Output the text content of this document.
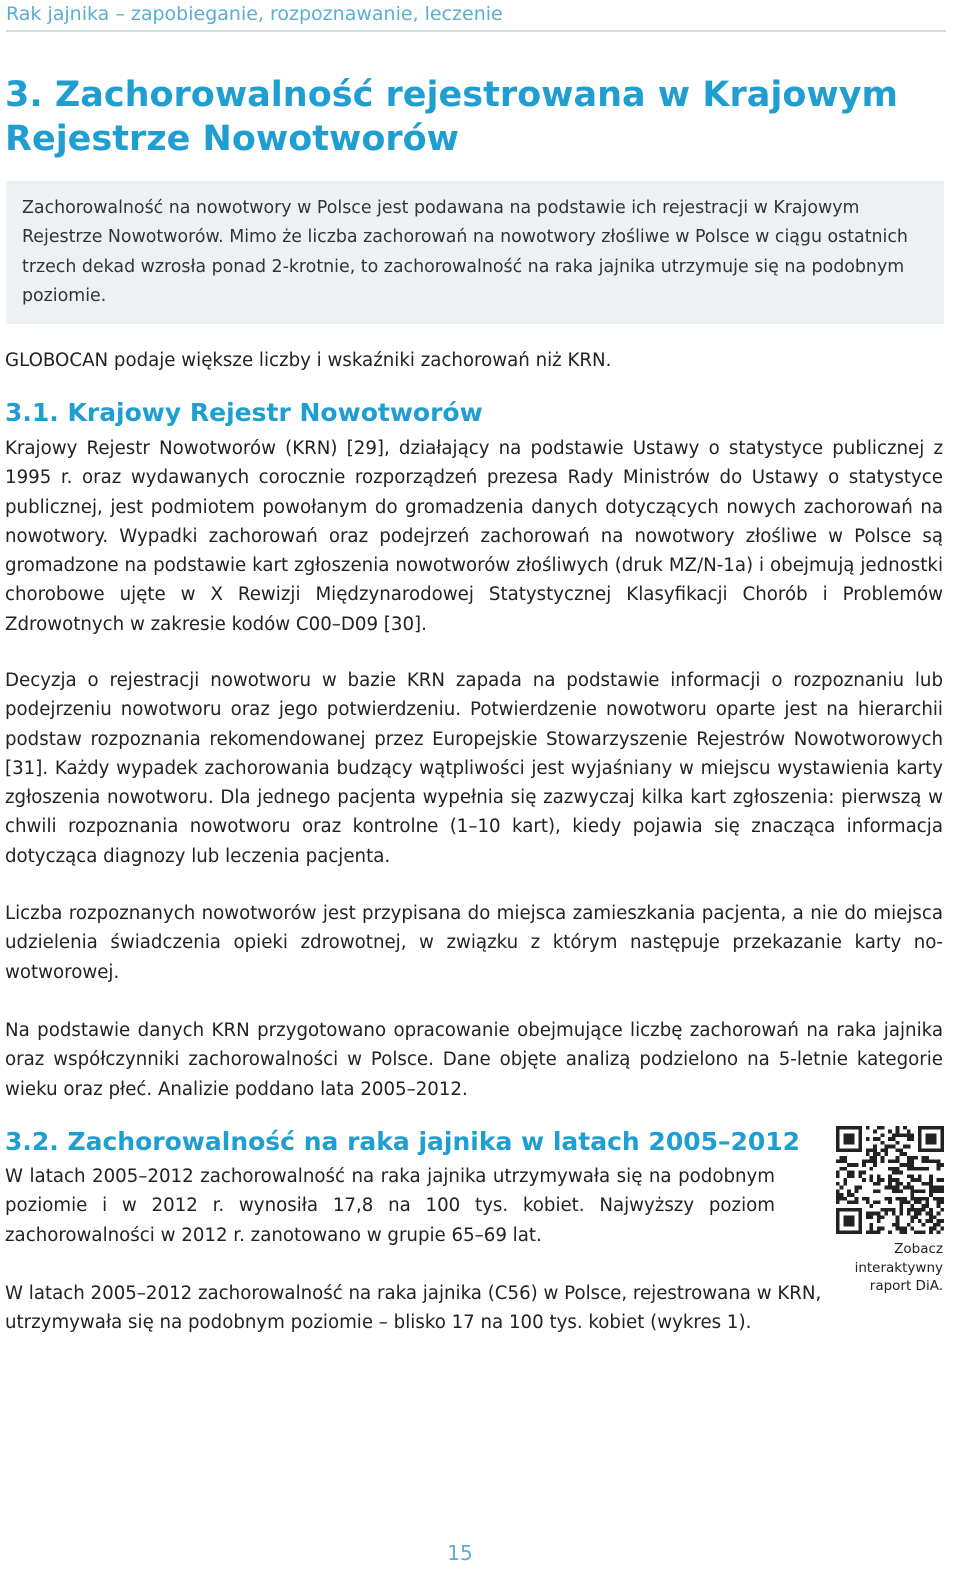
Rak jajnika – zapobieganie, rozpoznawanie, leczenie
3. Zachorowalność rejestrowana w Krajowym Rejestrze Nowotworów
Zachorowalność na nowotwory w Polsce jest podawana na podstawie ich rejestracji w Krajowym Rejestrze Nowotworów. Mimo że liczba zachorowań na nowotwory złośliwe w Polsce w ciągu ostatnich trzech dekad wzrosła ponad 2-krotnie, to zachorowalność na raka jajnika utrzymuje się na podobnym poziomie.

GLOBOCAN podaje większe liczby i wskaźniki zachorowań niż KRN.

3.1. Krajowy Rejestr Nowotworów

Krajowy Rejestr Nowotworów (KRN) [29], działający na podstawie Ustawy o statystyce publicznej z 1995 r. oraz wydawanych corocznie rozporządzeń prezesa Rady Ministrów do Ustawy o statystyce publicznej, jest podmiotem powołanym do gromadzenia danych dotyczących nowych zachorowań na nowotwory. Wypadki zachorowań oraz podejrzeń zachorowań na nowotwory złośliwe w Polsce są gromadzone na podstawie kart zgłoszenia nowotworów złośliwych (druk MZ/N-1a) i obejmują jednostki chorobowe ujęte w X Rewizji Międzynarodowej Statystycznej Klasyfikacji Chorób i Problemów Zdrowotnych w zakresie kodów C00–D09 [30].

Decyzja o rejestracji nowotworu w bazie KRN zapada na podstawie informacji o rozpoznaniu lub podejrzeniu nowotworu oraz jego potwierdzeniu. Potwierdzenie nowotworu oparte jest na hierarchii podstaw rozpoznania rekomendowanej przez Europejskie Stowarzyszenie Rejestrów Nowotworowych [31]. Każdy wypadek zachorowania budzący wątpliwości jest wyjaśniany w miejscu wystawienia karty zgłoszenia nowotworu. Dla jednego pacjenta wypełnia się zazwyczaj kilka kart zgłoszenia: pierwszą w chwili rozpoznania nowotworu oraz kontrolne (1–10 kart), kiedy pojawia się znacząca informacja dotycząca diagnozy lub leczenia pacjenta.

Liczba rozpoznanych nowotworów jest przypisana do miejsca zamieszkania pacjenta, a nie do miejsca udzielenia świadczenia opieki zdrowotnej, w związku z którym następuje przekazanie karty nowotworowej.

Na podstawie danych KRN przygotowano opracowanie obejmujące liczbę zachorowań na raka jajnika oraz współczynniki zachorowalności w Polsce. Dane objęte analizą podzielono na 5-letnie kategorie wieku oraz płeć. Analizie poddano lata 2005–2012.

3.2. Zachorowalność na raka jajnika w latach 2005–2012

W latach 2005–2012 zachorowalność na raka jajnika utrzymywała się na podobnym poziomie i w 2012 r. wynosiła 17,8 na 100 tys. kobiet. Najwyższy poziom zachorowalności w 2012 r. zanotowano w grupie 65–69 lat.

W latach 2005–2012 zachorowalność na raka jajnika (C56) w Polsce, rejestrowana w KRN, utrzymywała się na podobnym poziomie – blisko 17 na 100 tys. kobiet (wykres 1).

Zobacz interaktywny raport DiA.
15
